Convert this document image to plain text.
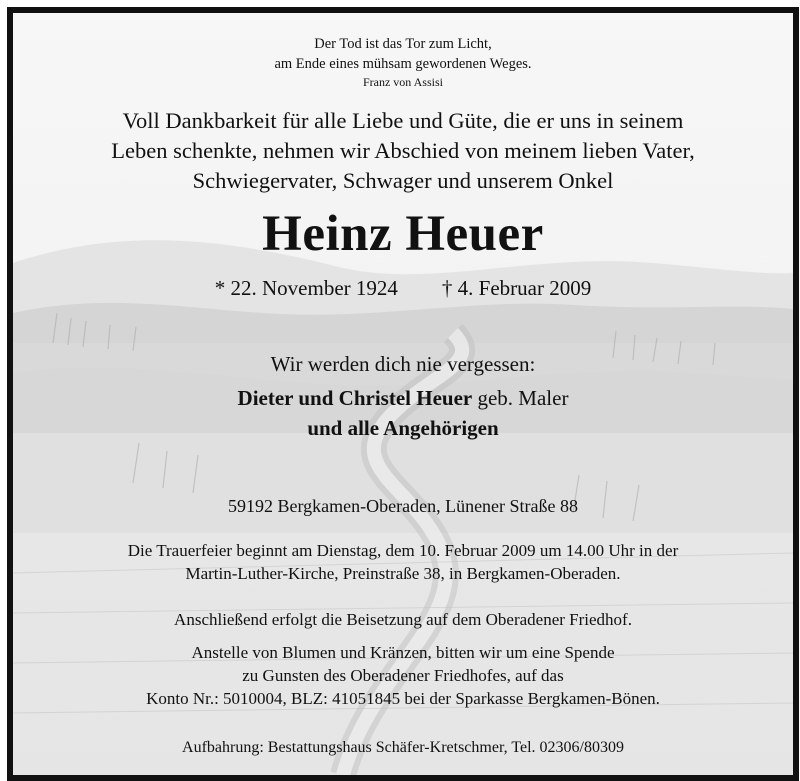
Der Tod ist das Tor zum Licht,
am Ende eines mühsam gewordenen Weges.
Franz von Assisi
Voll Dankbarkeit für alle Liebe und Güte, die er uns in seinem
Leben schenkte, nehmen wir Abschied von meinem lieben Vater,
Schwiegervater, Schwager und unserem Onkel
Heinz Heuer
* 22. November 1924 † 4. Februar 2009
Wir werden dich nie vergessen:
Dieter und Christel Heuer geb. Maler
und alle Angehörigen
59192 Bergkamen-Oberaden, Lünener Straße 88
Die Trauerfeier beginnt am Dienstag, dem 10. Februar 2009 um 14.00 Uhr in der
Martin-Luther-Kirche, Preinstraße 38, in Bergkamen-Oberaden.
Anschließend erfolgt die Beisetzung auf dem Oberadener Friedhof.
Anstelle von Blumen und Kränzen, bitten wir um eine Spende
zu Gunsten des Oberadener Friedhofes, auf das
Konto Nr.: 5010004, BLZ: 41051845 bei der Sparkasse Bergkamen-Bönen.
Aufbahrung: Bestattungshaus Schäfer-Kretschmer, Tel. 02306/80309
